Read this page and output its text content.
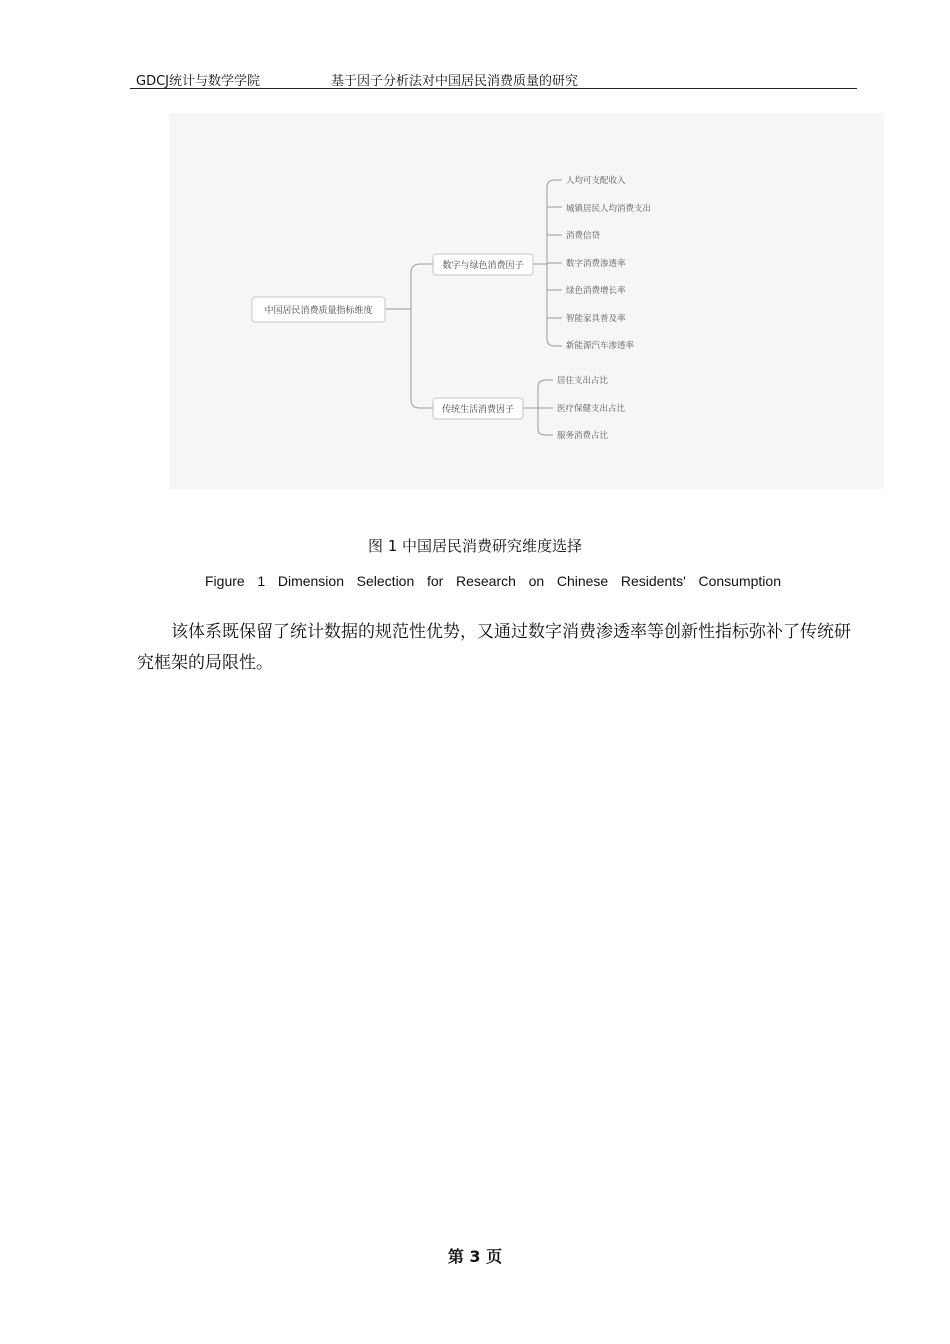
GDCJ统计与数学学院	基于因子分析法对中国居民消费质量的研究
中国居民消费质量指标维度
数字与绿色消费因子
传统生活消费因子
人均可支配收入
城镇居民人均消费支出
消费信贷
数字消费渗透率
绿色消费增长率
智能家具普及率
新能源汽车渗透率
居住支出占比
医疗保健支出占比
服务消费占比
图 1 中国居民消费研究维度选择
Figure 1 Dimension Selection for Research on Chinese Residents' Consumption
该体系既保留了统计数据的规范性优势，又通过数字消费渗透率等创新性指标弥补了传统研究框架的局限性。
第 3 页
